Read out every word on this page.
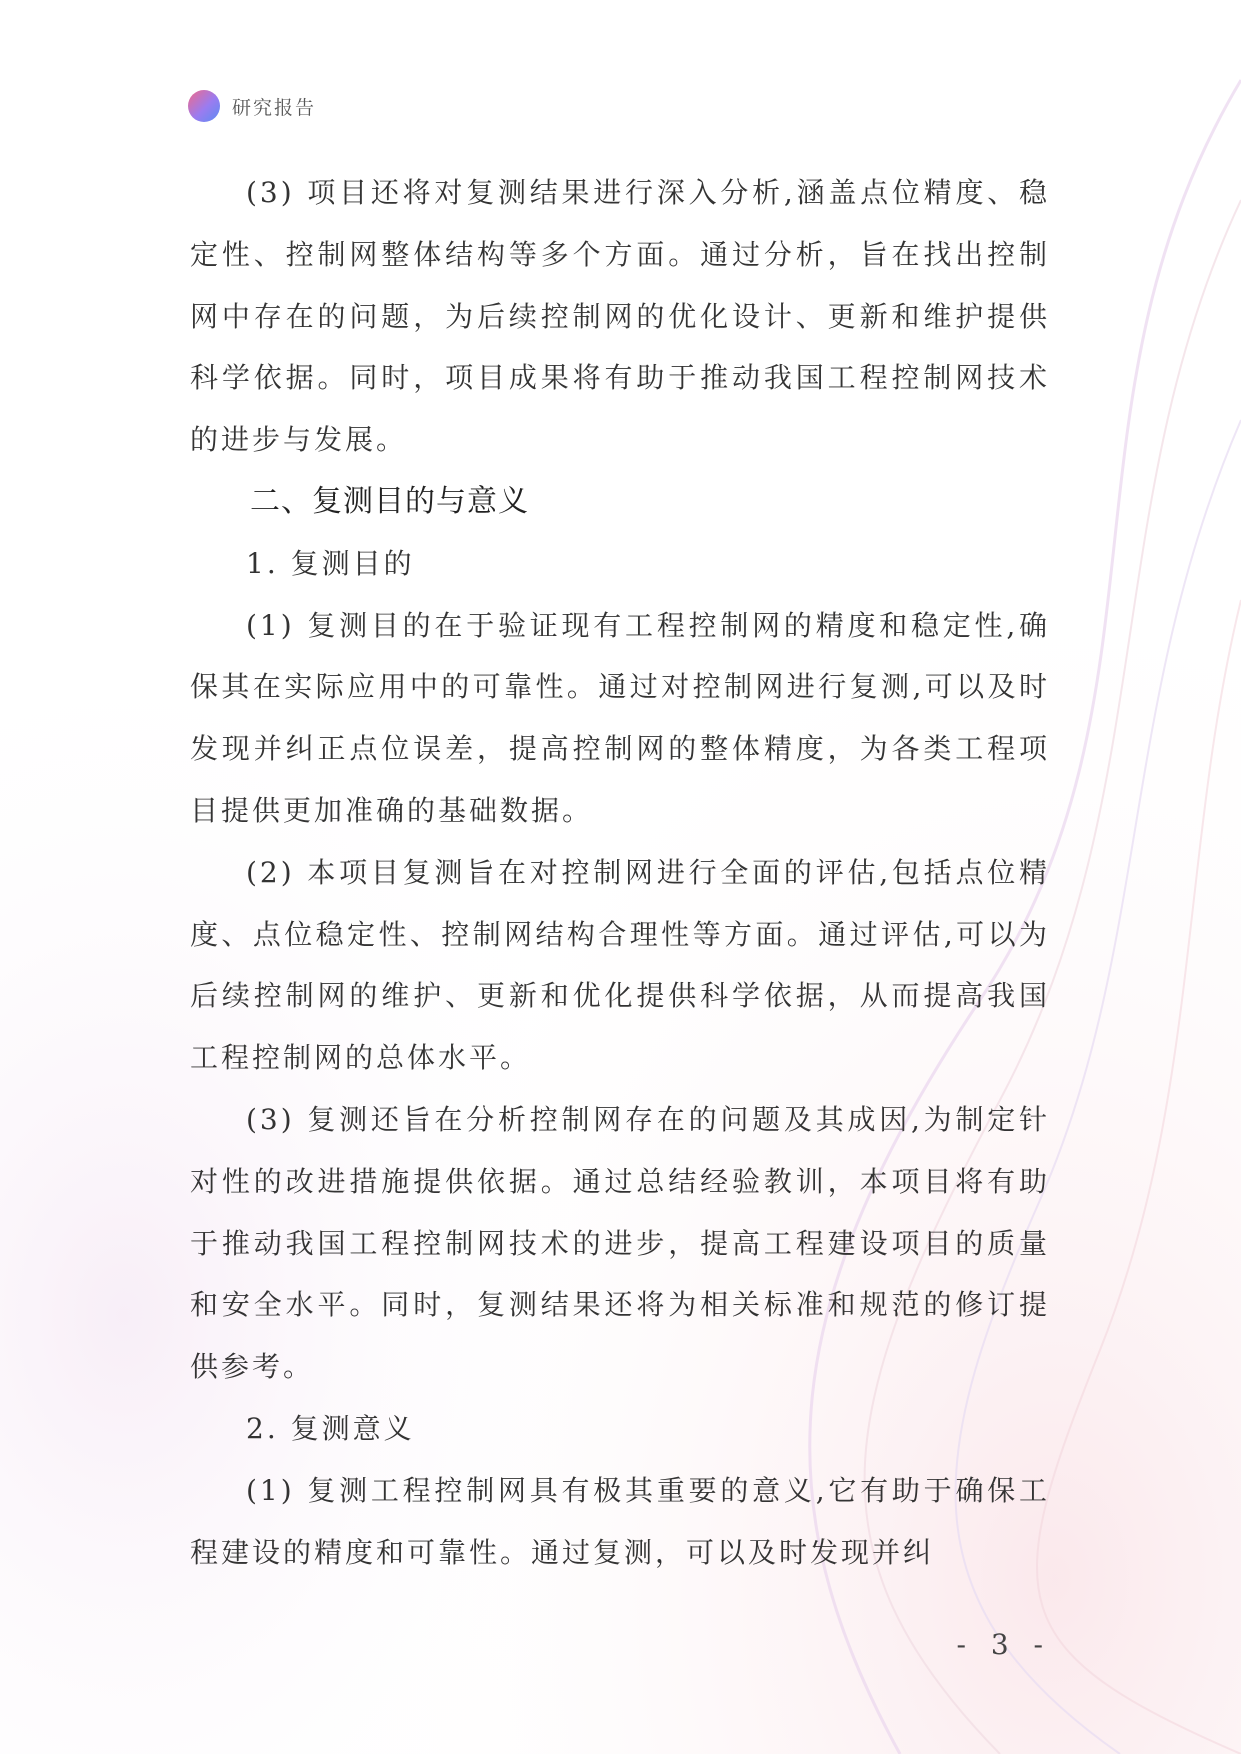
研究报告

(3) 项目还将对复测结果进行深入分析,涵盖点位精度、稳定性、控制网整体结构等多个方面。通过分析，旨在找出控制网中存在的问题，为后续控制网的优化设计、更新和维护提供科学依据。同时，项目成果将有助于推动我国工程控制网技术的进步与发展。

二、复测目的与意义

1. 复测目的

(1) 复测目的在于验证现有工程控制网的精度和稳定性,确保其在实际应用中的可靠性。通过对控制网进行复测,可以及时发现并纠正点位误差，提高控制网的整体精度，为各类工程项目提供更加准确的基础数据。

(2) 本项目复测旨在对控制网进行全面的评估,包括点位精度、点位稳定性、控制网结构合理性等方面。通过评估,可以为后续控制网的维护、更新和优化提供科学依据，从而提高我国工程控制网的总体水平。

(3) 复测还旨在分析控制网存在的问题及其成因,为制定针对性的改进措施提供依据。通过总结经验教训，本项目将有助于推动我国工程控制网技术的进步，提高工程建设项目的质量和安全水平。同时，复测结果还将为相关标准和规范的修订提供参考。

2. 复测意义

(1) 复测工程控制网具有极其重要的意义,它有助于确保工程建设的精度和可靠性。通过复测，可以及时发现并纠

- 3 -
